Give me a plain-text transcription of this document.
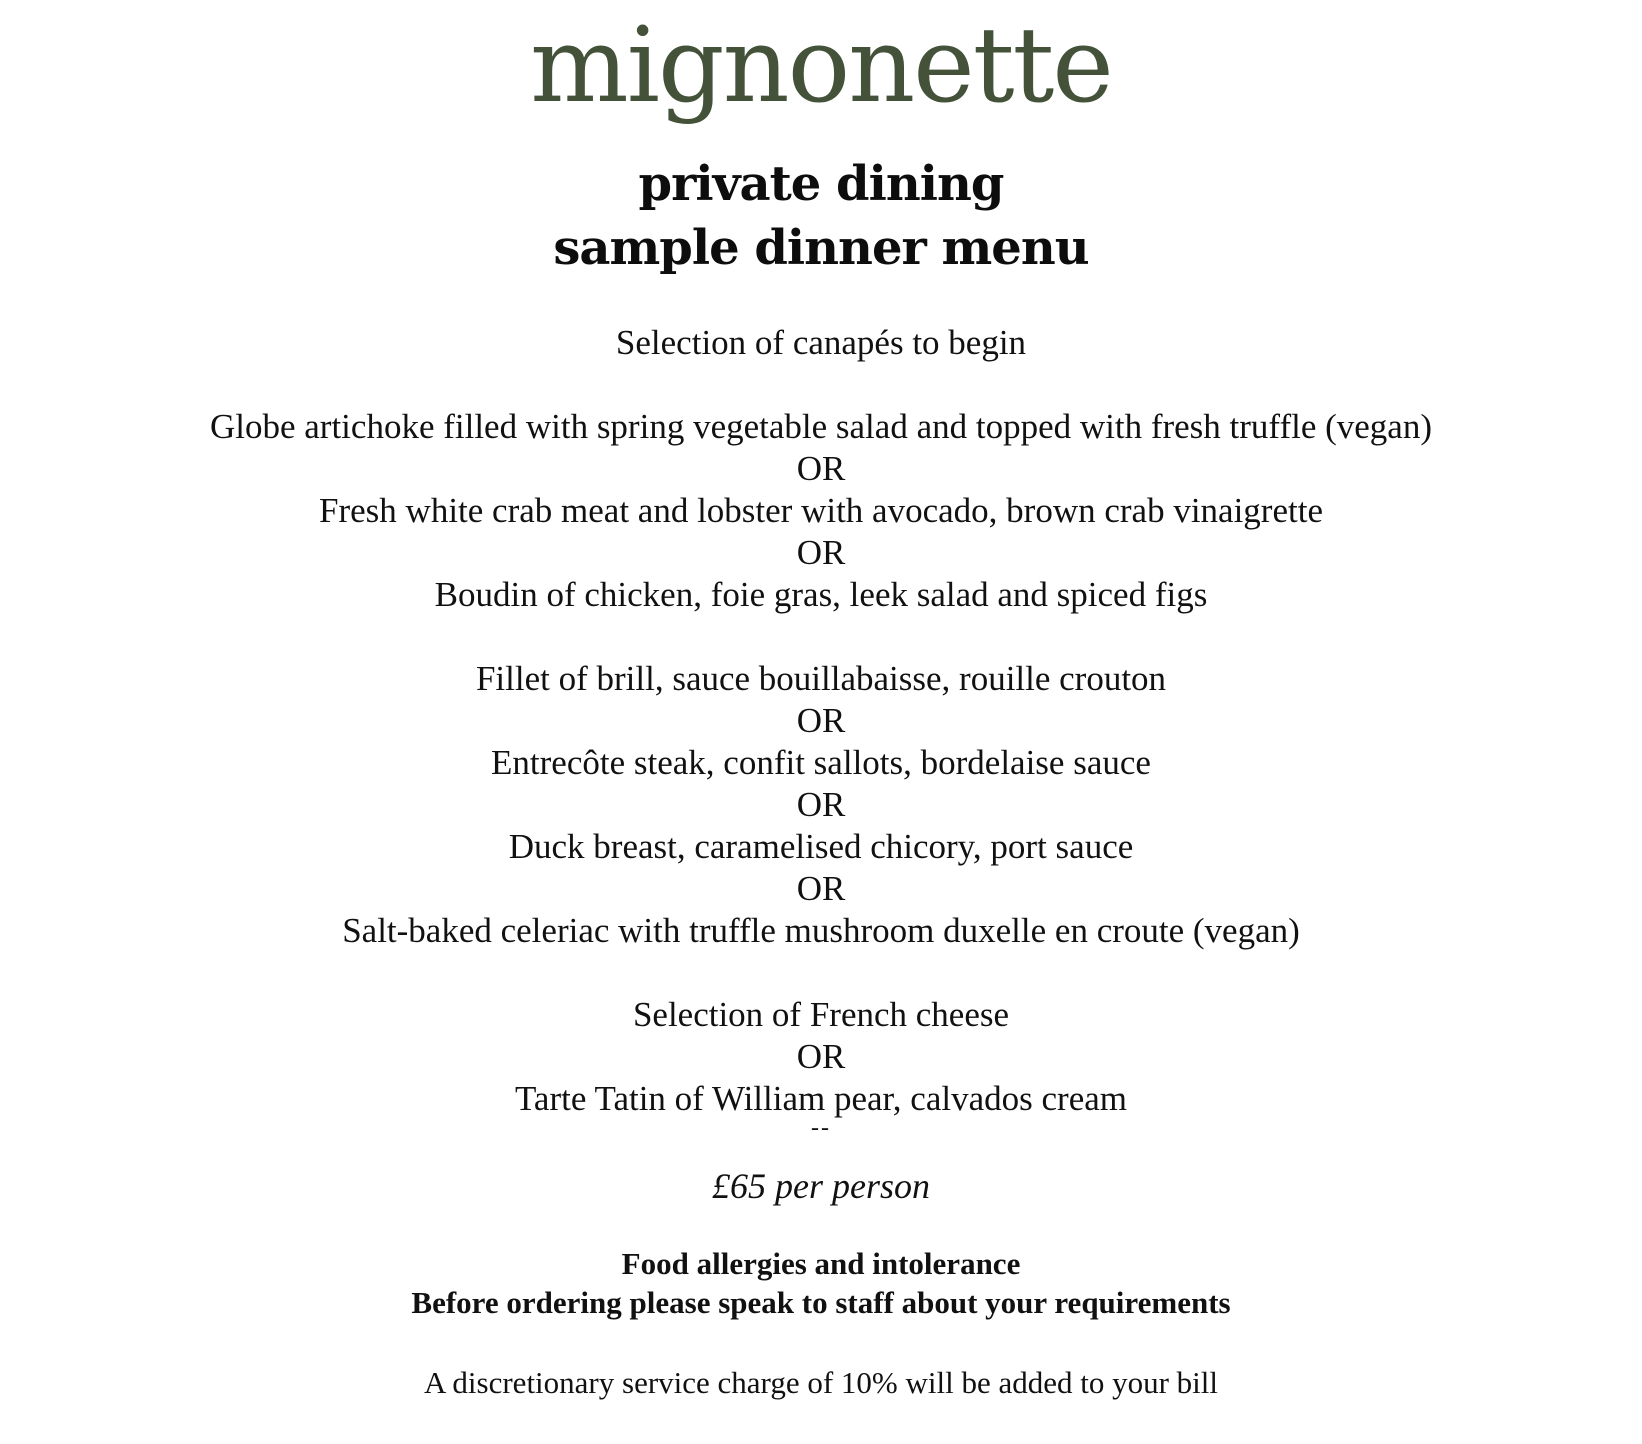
mignonette
private dining
sample dinner menu
Selection of canapés to begin
Globe artichoke filled with spring vegetable salad and topped with fresh truffle (vegan)
OR
Fresh white crab meat and lobster with avocado, brown crab vinaigrette
OR
Boudin of chicken, foie gras, leek salad and spiced figs
Fillet of brill, sauce bouillabaisse, rouille crouton
OR
Entrecôte steak, confit sallots, bordelaise sauce
OR
Duck breast, caramelised chicory, port sauce
OR
Salt-baked celeriac with truffle mushroom duxelle en croute (vegan)
Selection of French cheese
OR
Tarte Tatin of William pear, calvados cream
--
£65 per person
Food allergies and intolerance
Before ordering please speak to staff about your requirements
A discretionary service charge of 10% will be added to your bill
